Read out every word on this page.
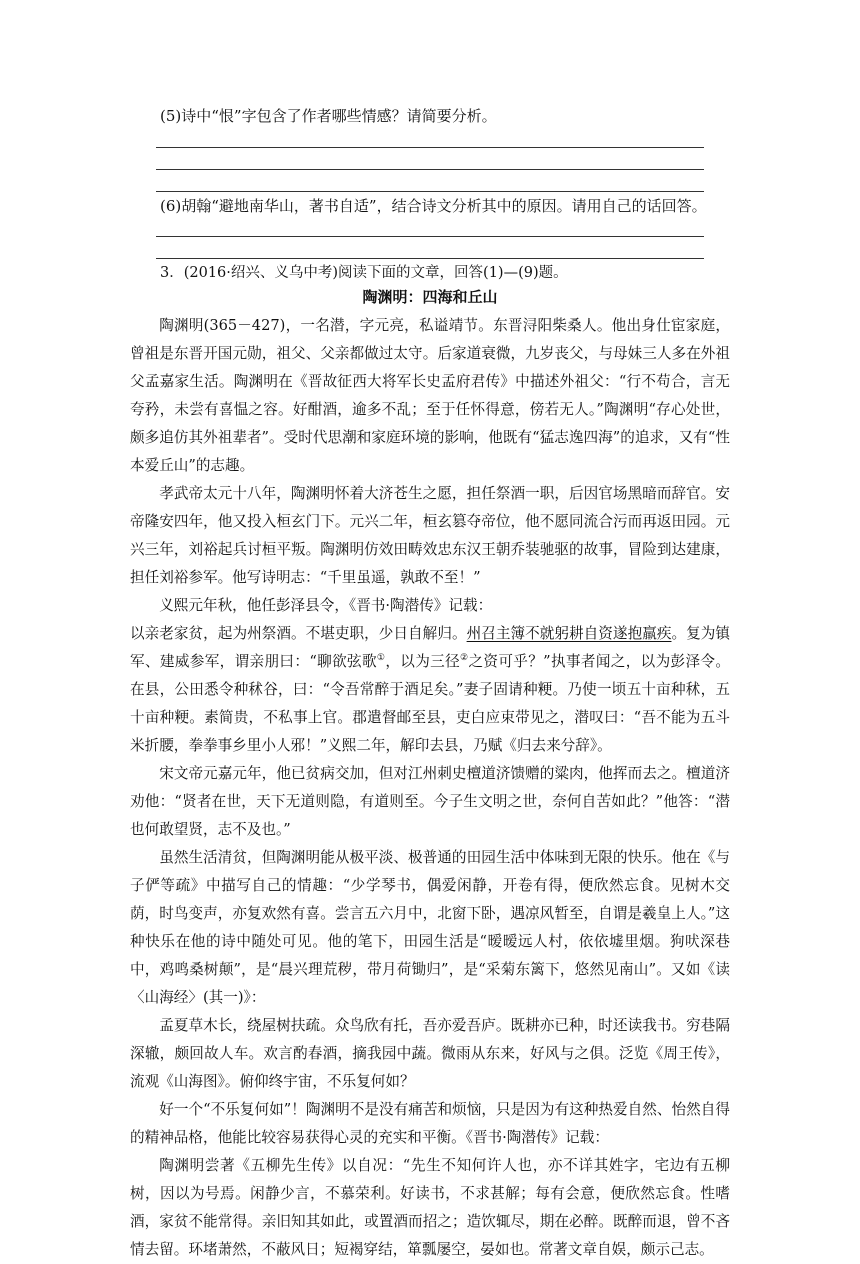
(5)诗中“恨”字包含了作者哪些情感？请简要分析。
(6)胡翰“避地南华山，著书自适”，结合诗文分析其中的原因。请用自己的话回答。
3．(2016·绍兴、义乌中考)阅读下面的文章，回答(1)—(9)题。
陶渊明：四海和丘山

陶渊明(365－427)，一名潜，字元亮，私谥靖节。东晋浔阳柴桑人。他出身仕宦家庭，曾祖是东晋开国元勋，祖父、父亲都做过太守。后家道衰微，九岁丧父，与母妹三人多在外祖父孟嘉家生活。陶渊明在《晋故征西大将军长史孟府君传》中描述外祖父：“行不苟合，言无夸矜，未尝有喜愠之容。好酣酒，逾多不乱；至于任怀得意，傍若无人。”陶渊明“存心处世，颇多追仿其外祖辈者”。受时代思潮和家庭环境的影响，他既有“猛志逸四海”的追求，又有“性本爱丘山”的志趣。

孝武帝太元十八年，陶渊明怀着大济苍生之愿，担任祭酒一职，后因官场黑暗而辞官。安帝隆安四年，他又投入桓玄门下。元兴二年，桓玄篡夺帝位，他不愿同流合污而再返田园。元兴三年，刘裕起兵讨桓平叛。陶渊明仿效田畴效忠东汉王朝乔装驰驱的故事，冒险到达建康，担任刘裕参军。他写诗明志：“千里虽遥，孰敢不至！”

义熙元年秋，他任彭泽县令，《晋书·陶潜传》记载：

以亲老家贫，起为州祭酒。不堪吏职，少日自解归。州召主簿不就躬耕自资遂抱羸疾。复为镇军、建威参军，谓亲朋曰：“聊欲弦歌①，以为三径②之资可乎？”执事者闻之，以为彭泽令。在县，公田悉令种秫谷，曰：“令吾常醉于酒足矣。”妻子固请种粳。乃使一顷五十亩种秫，五十亩种粳。素简贵，不私事上官。郡遣督邮至县，吏白应束带见之，潜叹曰：“吾不能为五斗米折腰，拳拳事乡里小人邪！”义熙二年，解印去县，乃赋《归去来兮辞》。

宋文帝元嘉元年，他已贫病交加，但对江州刺史檀道济馈赠的粱肉，他挥而去之。檀道济劝他：“贤者在世，天下无道则隐，有道则至。今子生文明之世，奈何自苦如此？”他答：“潜也何敢望贤，志不及也。”

虽然生活清贫，但陶渊明能从极平淡、极普通的田园生活中体味到无限的快乐。他在《与子俨等疏》中描写自己的情趣：“少学琴书，偶爱闲静，开卷有得，便欣然忘食。见树木交荫，时鸟变声，亦复欢然有喜。尝言五六月中，北窗下卧，遇凉风暂至，自谓是羲皇上人。”这种快乐在他的诗中随处可见。他的笔下，田园生活是“暧暧远人村，依依墟里烟。狗吠深巷中，鸡鸣桑树颠”，是“晨兴理荒秽，带月荷锄归”，是“采菊东篱下，悠然见南山”。又如《读〈山海经〉(其一)》：

孟夏草木长，绕屋树扶疏。众鸟欣有托，吾亦爱吾庐。既耕亦已种，时还读我书。穷巷隔深辙，颇回故人车。欢言酌春酒，摘我园中蔬。微雨从东来，好风与之俱。泛览《周王传》，流观《山海图》。俯仰终宇宙，不乐复何如？

好一个“不乐复何如”！陶渊明不是没有痛苦和烦恼，只是因为有这种热爱自然、怡然自得的精神品格，他能比较容易获得心灵的充实和平衡。《晋书·陶潜传》记载：

陶渊明尝著《五柳先生传》以自况：“先生不知何许人也，亦不详其姓字，宅边有五柳树，因以为号焉。闲静少言，不慕荣利。好读书，不求甚解；每有会意，便欣然忘食。性嗜酒，家贫不能常得。亲旧知其如此，或置酒而招之；造饮辄尽，期在必醉。既醉而退，曾不吝情去留。环堵萧然，不蔽风日；短褐穿结，箪瓢屡空，晏如也。常著文章自娱，颇示己志。
